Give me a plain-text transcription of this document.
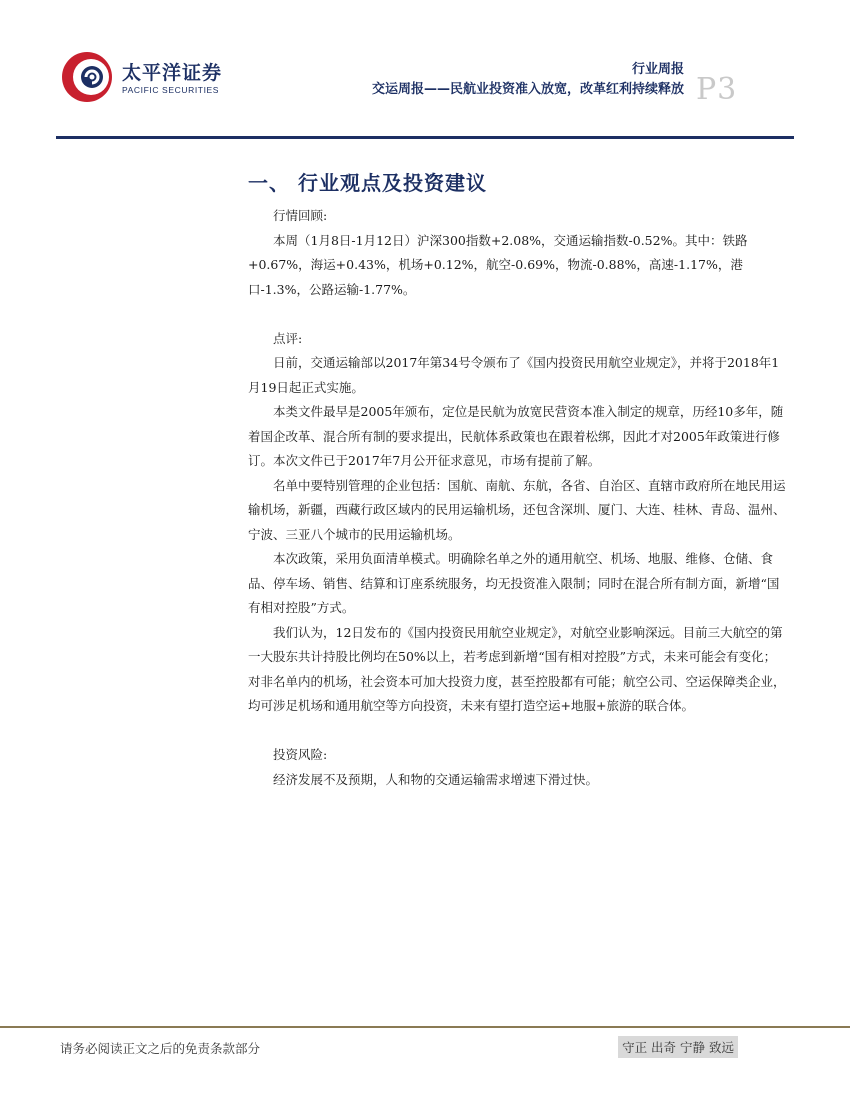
太平洋证券
PACIFIC SECURITIES
行业周报
交运周报——民航业投资准入放宽，改革红利持续释放 P3
一、 行业观点及投资建议

行情回顾:

本周（1月8日-1月12日）沪深300指数+2.08%，交通运输指数-0.52%。其中：铁路+0.67%，海运+0.43%，机场+0.12%，航空-0.69%，物流-0.88%，高速-1.17%，港口-1.3%，公路运输-1.77%。

点评:

日前，交通运输部以2017年第34号令颁布了《国内投资民用航空业规定》，并将于2018年1月19日起正式实施。

本类文件最早是2005年颁布，定位是民航为放宽民营资本准入制定的规章，历经10多年，随着国企改革、混合所有制的要求提出，民航体系政策也在跟着松绑，因此才对2005年政策进行修订。本次文件已于2017年7月公开征求意见，市场有提前了解。

名单中要特别管理的企业包括：国航、南航、东航，各省、自治区、直辖市政府所在地民用运输机场，新疆，西藏行政区域内的民用运输机场，还包含深圳、厦门、大连、桂林、青岛、温州、宁波、三亚八个城市的民用运输机场。

本次政策，采用负面清单模式。明确除名单之外的通用航空、机场、地服、维修、仓储、食品、停车场、销售、结算和订座系统服务，均无投资准入限制；同时在混合所有制方面，新增“国有相对控股”方式。

我们认为，12日发布的《国内投资民用航空业规定》，对航空业影响深远。目前三大航空的第一大股东共计持股比例均在50%以上，若考虑到新增“国有相对控股”方式，未来可能会有变化；对非名单内的机场，社会资本可加大投资力度，甚至控股都有可能；航空公司、空运保障类企业，均可涉足机场和通用航空等方向投资，未来有望打造空运+地服+旅游的联合体。

投资风险:

经济发展不及预期，人和物的交通运输需求增速下滑过快。

请务必阅读正文之后的免责条款部分	守正 出奇 宁静 致远
